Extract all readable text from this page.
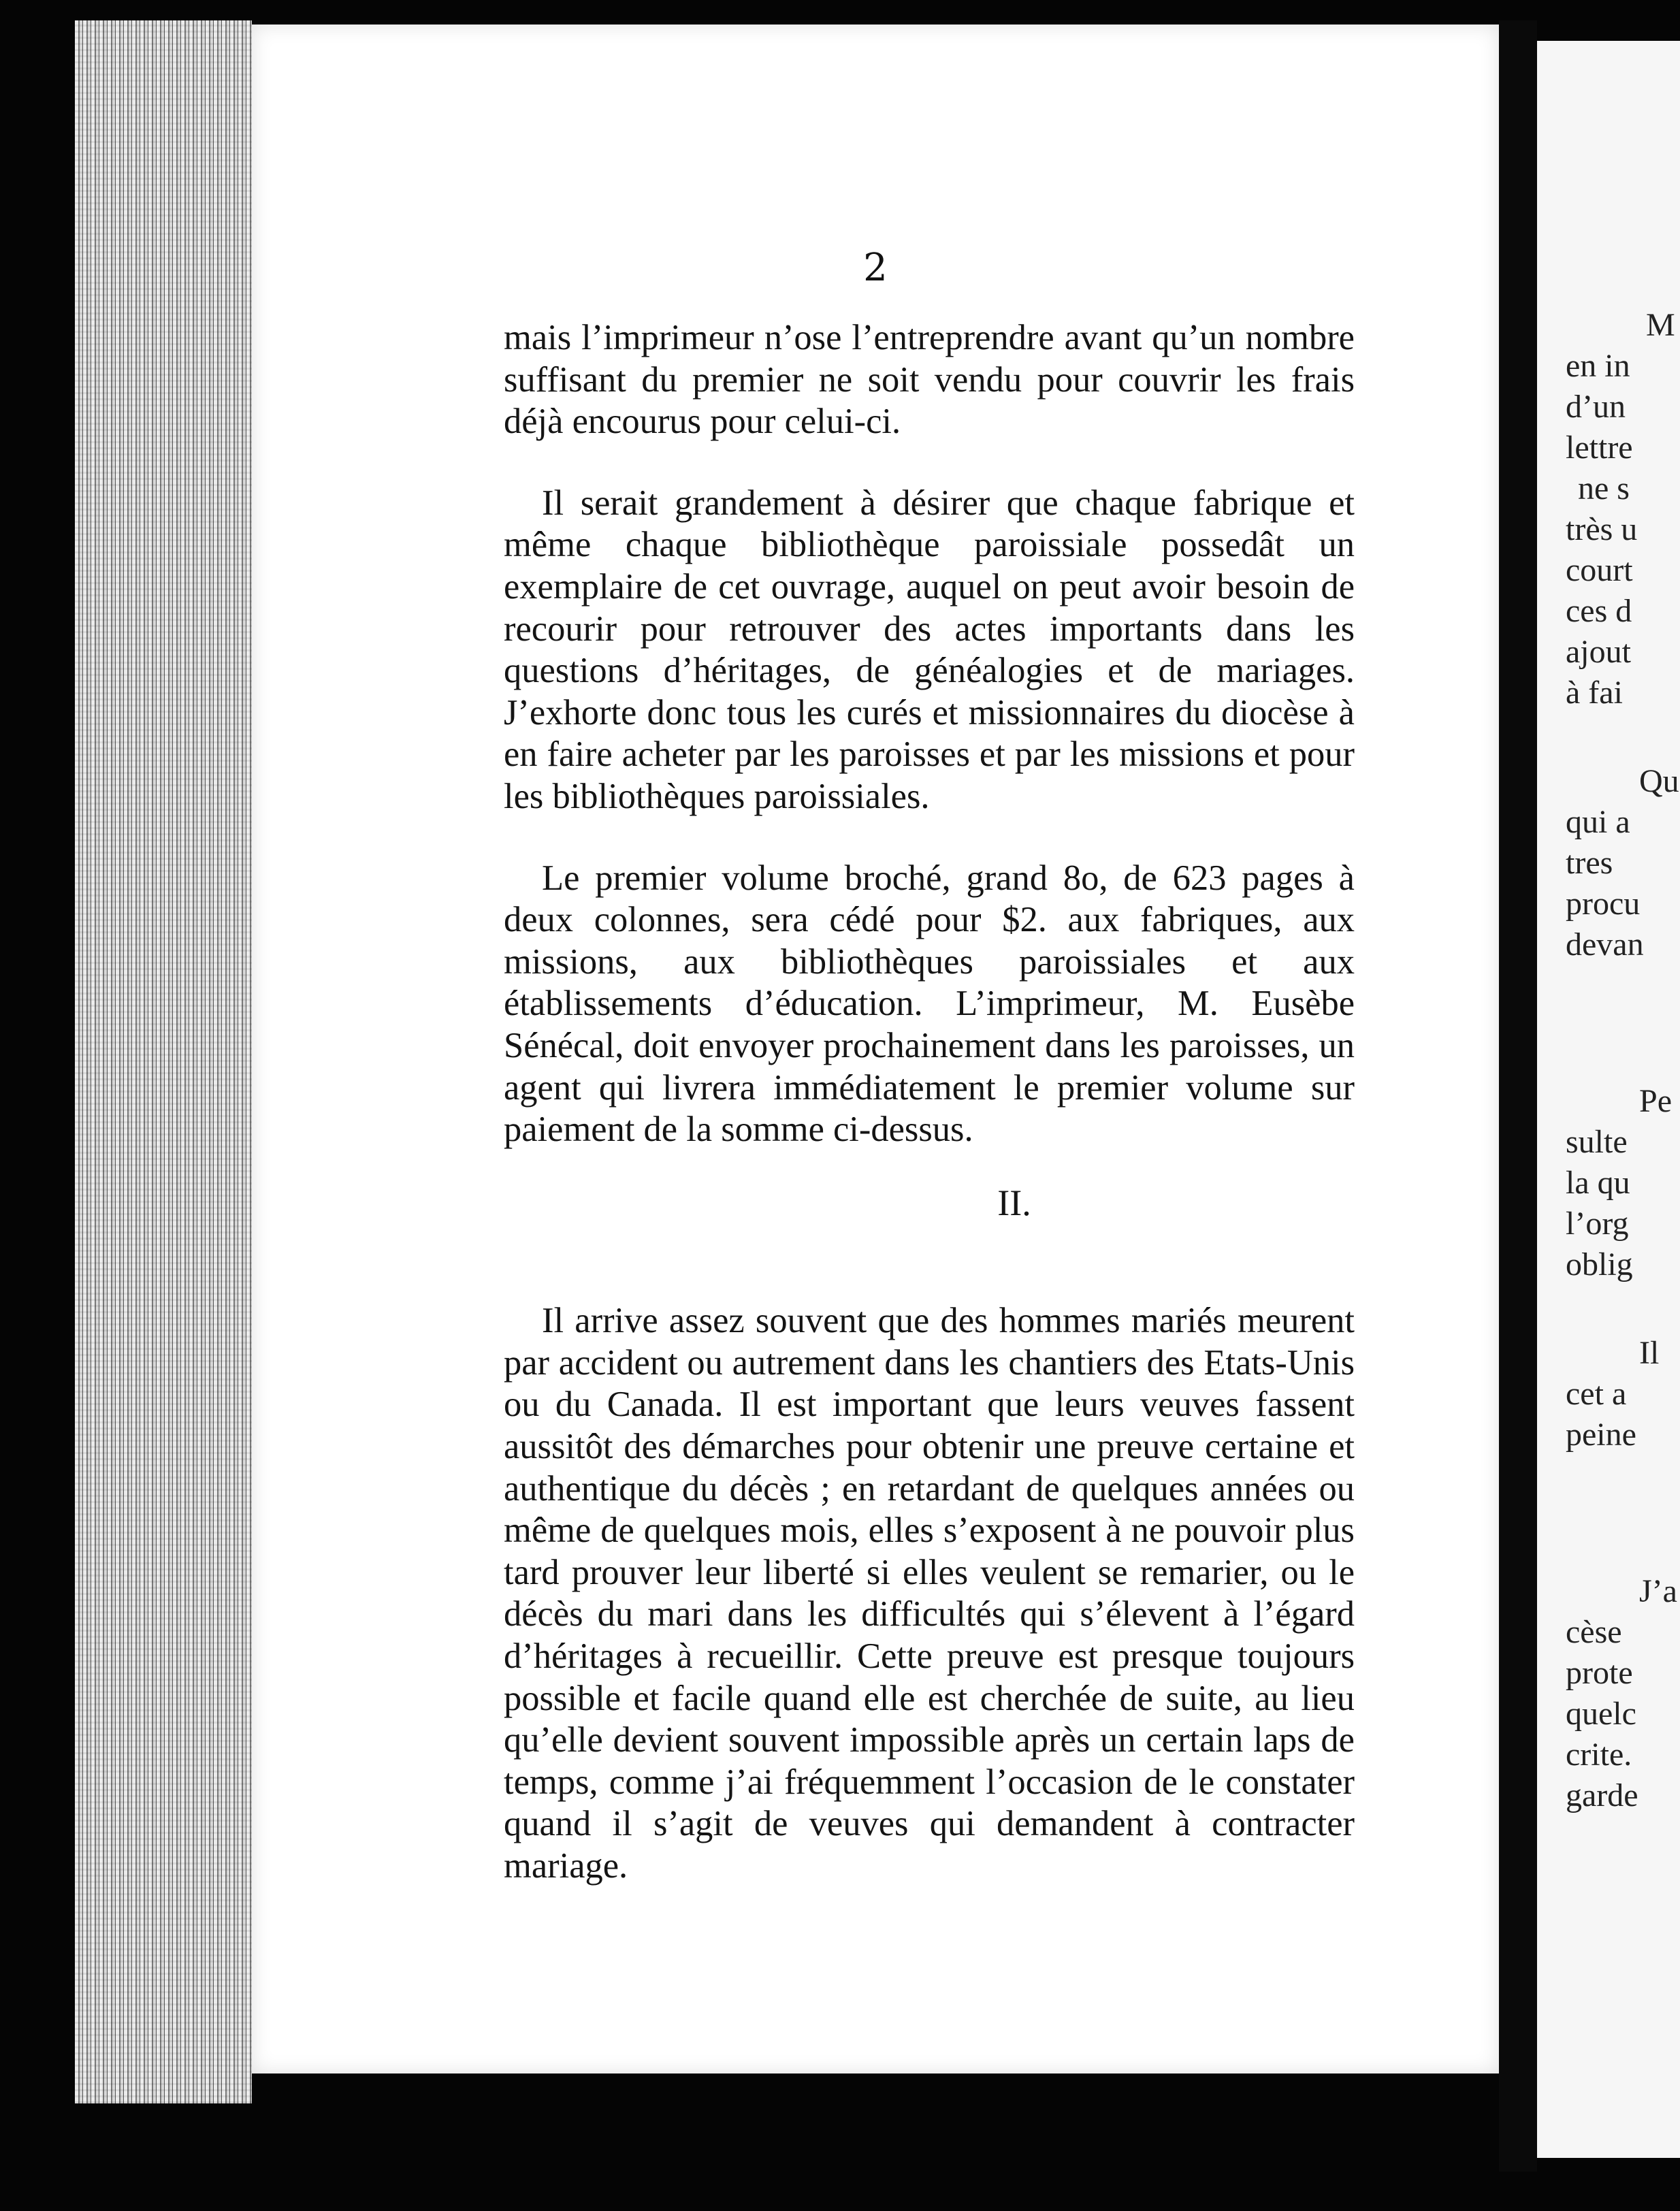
2

mais l’imprimeur n’ose l’entreprendre avant qu’un nombre suffisant du premier ne soit vendu pour couvrir les frais déjà encourus pour celui-ci.

Il serait grandement à désirer que chaque fabrique et même chaque bibliothèque paroissiale possedât un exemplaire de cet ouvrage, auquel on peut avoir besoin de recourir pour retrouver des actes importants dans les questions d’héritages, de généalogies et de mariages. J’exhorte donc tous les curés et missionnaires du diocèse à en faire acheter par les paroisses et par les missions et pour les bibliothèques paroissiales.

Le premier volume broché, grand 8o, de 623 pages à deux colonnes, sera cédé pour $2. aux fabriques, aux missions, aux bibliothèques paroissiales et aux établissements d’éducation. L’imprimeur, M. Eusèbe Sénécal, doit envoyer prochainement dans les paroisses, un agent qui livrera immédiatement le premier volume sur paiement de la somme ci-dessus.

II.

Il arrive assez souvent que des hommes mariés meurent par accident ou autrement dans les chantiers des Etats-Unis ou du Canada. Il est important que leurs veuves fassent aussitôt des démarches pour obtenir une preuve certaine et authentique du décès ; en retardant de quelques années ou même de quelques mois, elles s’exposent à ne pouvoir plus tard prouver leur liberté si elles veulent se remarier, ou le décès du mari dans les difficultés qui s’élevent à l’égard d’héritages à recueillir. Cette preuve est presque toujours possible et facile quand elle est cherchée de suite, au lieu qu’elle devient souvent impossible après un certain laps de temps, comme j’ai fréquemment l’occasion de le constater quand il s’agit de veuves qui demandent à contracter mariage.

M
en in
d’un
lettre
ne s
très u
court
ces d
ajout
à fai
Qu
qui a
tres
procu
devan
Pe
sulte
la qu
l’org
oblig
Il
cet a
peine
J’a
cèse
prote
quelc
crite.
garde
